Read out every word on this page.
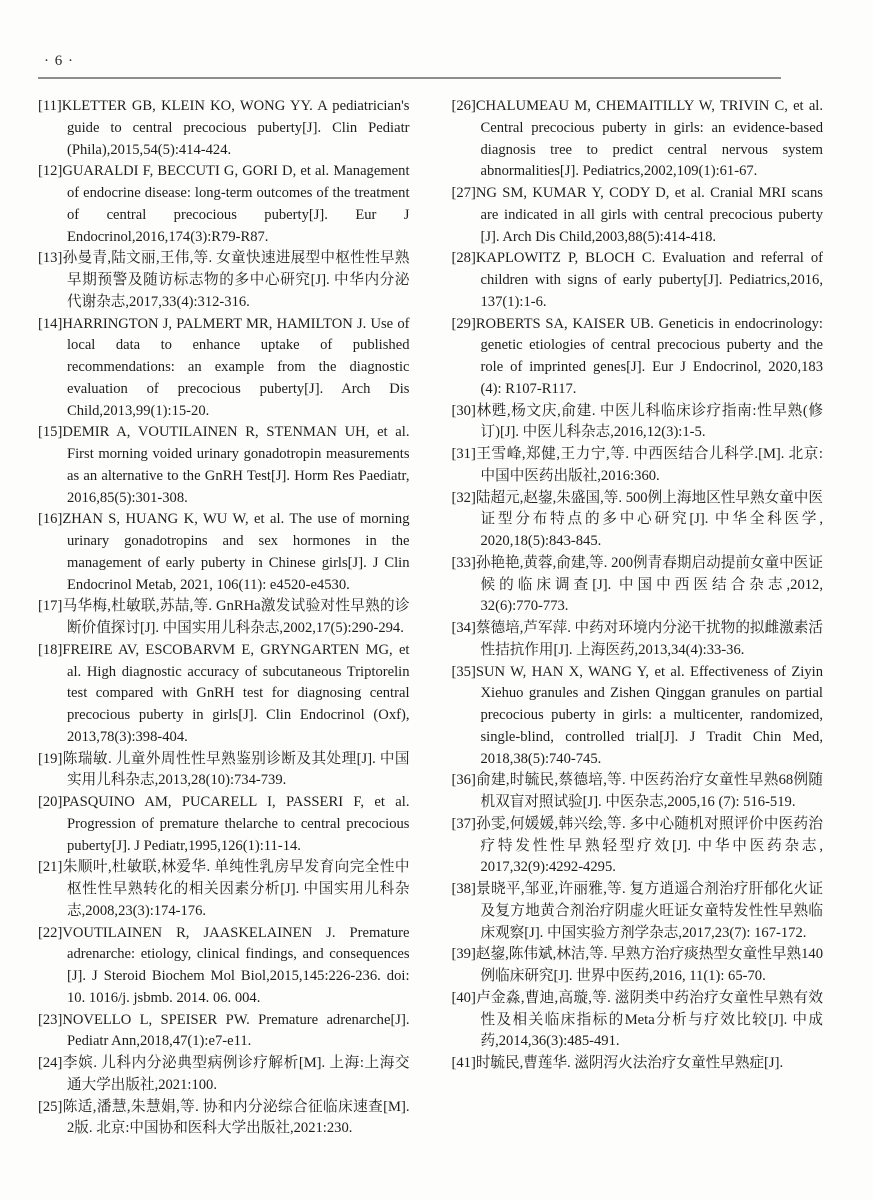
· 6 ·
[11]KLETTER GB, KLEIN KO, WONG YY. A pediatrician's guide to central precocious puberty[J]. Clin Pediatr (Phila),2015,54(5):414-424.
[12]GUARALDI F, BECCUTI G, GORI D, et al. Management of endocrine disease: long-term outcomes of the treatment of central precocious puberty[J]. Eur J Endocrinol,2016,174(3):R79-R87.
[13]孙曼青,陆文丽,王伟,等. 女童快速进展型中枢性性早熟早期预警及随访标志物的多中心研究[J]. 中华内分泌代谢杂志,2017,33(4):312-316.
[14]HARRINGTON J, PALMERT MR, HAMILTON J. Use of local data to enhance uptake of published recommendations: an example from the diagnostic evaluation of precocious puberty[J]. Arch Dis Child,2013,99(1):15-20.
[15]DEMIR A, VOUTILAINEN R, STENMAN UH, et al. First morning voided urinary gonadotropin measurements as an alternative to the GnRH Test[J]. Horm Res Paediatr, 2016,85(5):301-308.
[16]ZHAN S, HUANG K, WU W, et al. The use of morning urinary gonadotropins and sex hormones in the management of early puberty in Chinese girls[J]. J Clin Endocrinol Metab, 2021, 106(11): e4520-e4530.
[17]马华梅,杜敏联,苏喆,等. GnRHa激发试验对性早熟的诊断价值探讨[J]. 中国实用儿科杂志,2002,17(5):290-294.
[18]FREIRE AV, ESCOBARVM E, GRYNGARTEN MG, et al. High diagnostic accuracy of subcutaneous Triptorelin test compared with GnRH test for diagnosing central precocious puberty in girls[J]. Clin Endocrinol (Oxf), 2013,78(3):398-404.
[19]陈瑞敏. 儿童外周性性早熟鉴别诊断及其处理[J]. 中国实用儿科杂志,2013,28(10):734-739.
[20]PASQUINO AM, PUCARELL I, PASSERI F, et al. Progression of premature thelarche to central precocious puberty[J]. J Pediatr,1995,126(1):11-14.
[21]朱顺叶,杜敏联,林爱华. 单纯性乳房早发育向完全性中枢性性早熟转化的相关因素分析[J]. 中国实用儿科杂志,2008,23(3):174-176.
[22]VOUTILAINEN R, JAASKELAINEN J. Premature adrenarche: etiology, clinical findings, and consequences [J]. J Steroid Biochem Mol Biol,2015,145:226-236. doi: 10. 1016/j. jsbmb. 2014. 06. 004.
[23]NOVELLO L, SPEISER PW. Premature adrenarche[J]. Pediatr Ann,2018,47(1):e7-e11.
[24]李嫔. 儿科内分泌典型病例诊疗解析[M]. 上海:上海交通大学出版社,2021:100.
[25]陈适,潘慧,朱慧娟,等. 协和内分泌综合征临床速查[M]. 2版. 北京:中国协和医科大学出版社,2021:230.
[26]CHALUMEAU M, CHEMAITILLY W, TRIVIN C, et al. Central precocious puberty in girls: an evidence-based diagnosis tree to predict central nervous system abnormalities[J]. Pediatrics,2002,109(1):61-67.
[27]NG SM, KUMAR Y, CODY D, et al. Cranial MRI scans are indicated in all girls with central precocious puberty [J]. Arch Dis Child,2003,88(5):414-418.
[28]KAPLOWITZ P, BLOCH C. Evaluation and referral of children with signs of early puberty[J]. Pediatrics,2016, 137(1):1-6.
[29]ROBERTS SA, KAISER UB. Geneticis in endocrinology: genetic etiologies of central precocious puberty and the role of imprinted genes[J]. Eur J Endocrinol, 2020,183 (4): R107-R117.
[30]林甦,杨文庆,俞建. 中医儿科临床诊疗指南:性早熟(修订)[J]. 中医儿科杂志,2016,12(3):1-5.
[31]王雪峰,郑健,王力宁,等. 中西医结合儿科学.[M]. 北京:中国中医药出版社,2016:360.
[32]陆超元,赵鋆,朱盛国,等. 500例上海地区性早熟女童中医证型分布特点的多中心研究[J]. 中华全科医学, 2020,18(5):843-845.
[33]孙艳艳,黄蓉,俞建,等. 200例青春期启动提前女童中医证候的临床调查[J]. 中国中西医结合杂志,2012, 32(6):770-773.
[34]蔡德培,芦军萍. 中药对环境内分泌干扰物的拟雌激素活性拮抗作用[J]. 上海医药,2013,34(4):33-36.
[35]SUN W, HAN X, WANG Y, et al. Effectiveness of Ziyin Xiehuo granules and Zishen Qinggan granules on partial precocious puberty in girls: a multicenter, randomized, single-blind, controlled trial[J]. J Tradit Chin Med, 2018,38(5):740-745.
[36]俞建,时毓民,蔡德培,等. 中医药治疗女童性早熟68例随机双盲对照试验[J]. 中医杂志,2005,16 (7): 516-519.
[37]孙雯,何媛媛,韩兴绘,等. 多中心随机对照评价中医药治疗特发性性早熟轻型疗效[J]. 中华中医药杂志, 2017,32(9):4292-4295.
[38]景晓平,邹亚,许丽雅,等. 复方逍遥合剂治疗肝郁化火证及复方地黄合剂治疗阴虚火旺证女童特发性性早熟临床观察[J]. 中国实验方剂学杂志,2017,23(7): 167-172.
[39]赵鋆,陈伟斌,林洁,等. 早熟方治疗痰热型女童性早熟140例临床研究[J]. 世界中医药,2016, 11(1): 65-70.
[40]卢金淼,曹迪,高璇,等. 滋阴类中药治疗女童性早熟有效性及相关临床指标的Meta分析与疗效比较[J]. 中成药,2014,36(3):485-491.
[41]时毓民,曹莲华. 滋阴泻火法治疗女童性早熟症[J].
